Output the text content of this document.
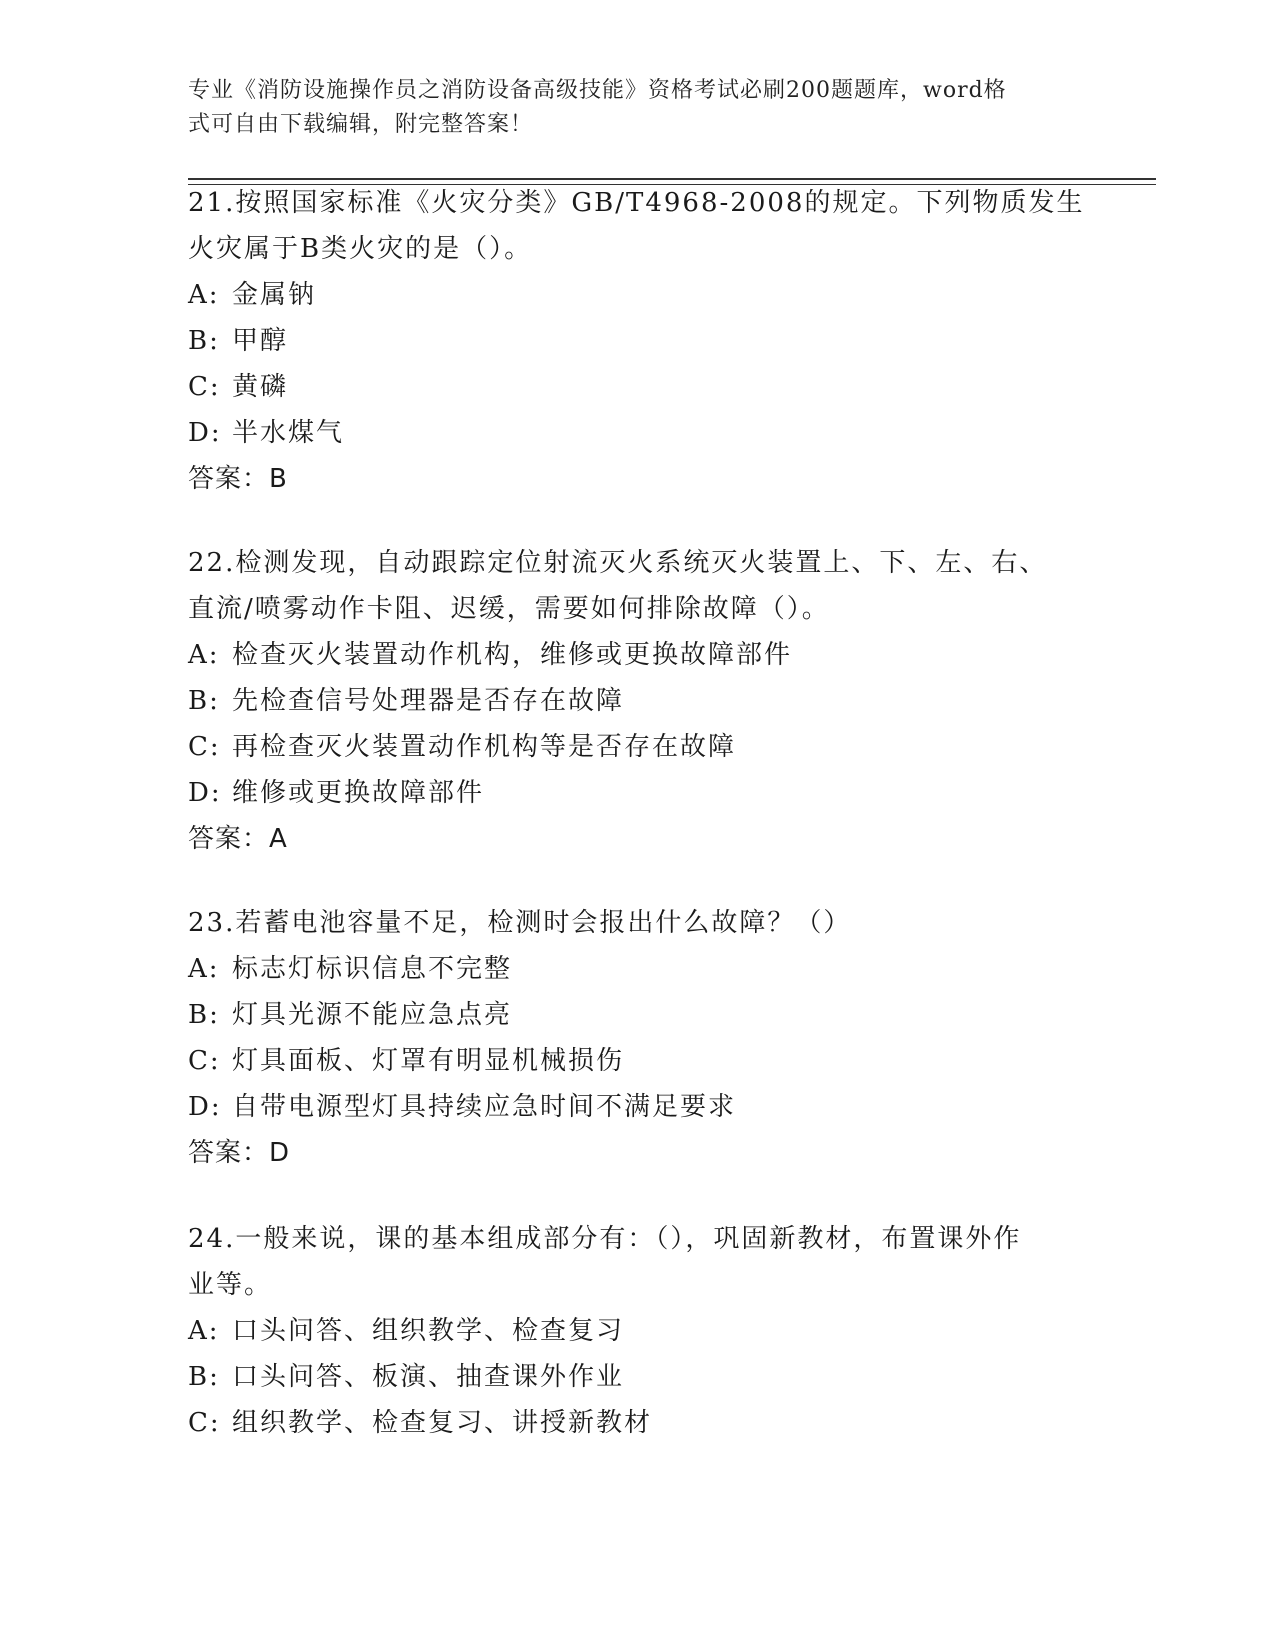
专业《消防设施操作员之消防设备高级技能》资格考试必刷200题题库，word格
式可自由下载编辑，附完整答案！

21.按照国家标准《火灾分类》GB/T4968-2008的规定。下列物质发生

火灾属于B类火灾的是（）。

A: 金属钠

B: 甲醇

C: 黄磷

D: 半水煤气

答案：B

22.检测发现，自动跟踪定位射流灭火系统灭火装置上、下、左、右、

直流/喷雾动作卡阻、迟缓，需要如何排除故障（）。

A: 检查灭火装置动作机构，维修或更换故障部件

B: 先检查信号处理器是否存在故障

C: 再检查灭火装置动作机构等是否存在故障

D: 维修或更换故障部件

答案：A

23.若蓄电池容量不足，检测时会报出什么故障？（）

A: 标志灯标识信息不完整

B: 灯具光源不能应急点亮

C: 灯具面板、灯罩有明显机械损伤

D: 自带电源型灯具持续应急时间不满足要求

答案：D

24.一般来说，课的基本组成部分有：（），巩固新教材，布置课外作

业等。

A: 口头问答、组织教学、检查复习

B: 口头问答、板演、抽查课外作业

C: 组织教学、检查复习、讲授新教材
